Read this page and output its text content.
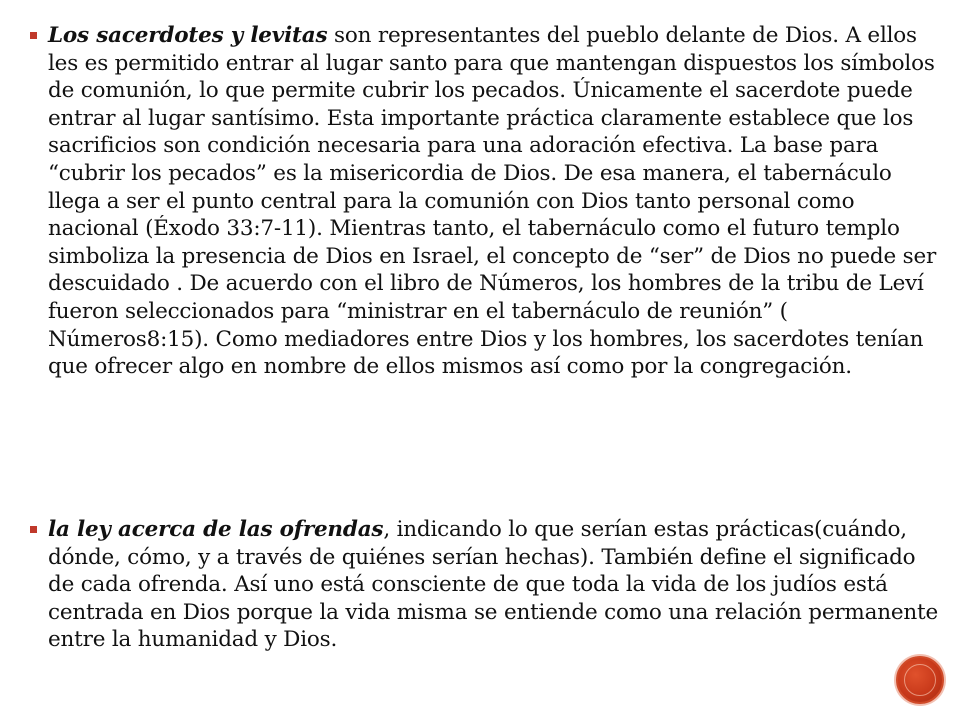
Los sacerdotes y levitas son representantes del pueblo delante de Dios. A ellos les es permitido entrar al lugar santo para que mantengan dispuestos los símbolos de comunión, lo que permite cubrir los pecados. Únicamente el sacerdote puede entrar al lugar santísimo. Esta importante práctica claramente establece que los sacrificios son condición necesaria para una adoración efectiva. La base para “cubrir los pecados” es la misericordia de Dios. De esa manera, el tabernáculo llega a ser el punto central para la comunión con Dios tanto personal como nacional (Éxodo 33:7-11). Mientras tanto, el tabernáculo como el futuro templo simboliza la presencia de Dios en Israel, el concepto de “ser” de Dios no puede ser descuidado . De acuerdo con el libro de Números, los hombres de la tribu de Leví fueron seleccionados para “ministrar en el tabernáculo de reunión” ( Números8:15). Como mediadores entre Dios y los hombres, los sacerdotes tenían que ofrecer algo en nombre de ellos mismos así como por la congregación.
la ley acerca de las ofrendas, indicando lo que serían estas prácticas(cuándo, dónde, cómo, y a través de quiénes serían hechas). También define el significado de cada ofrenda. Así uno está consciente de que toda la vida de los judíos está centrada en Dios porque la vida misma se entiende como una relación permanente entre la humanidad y Dios.
